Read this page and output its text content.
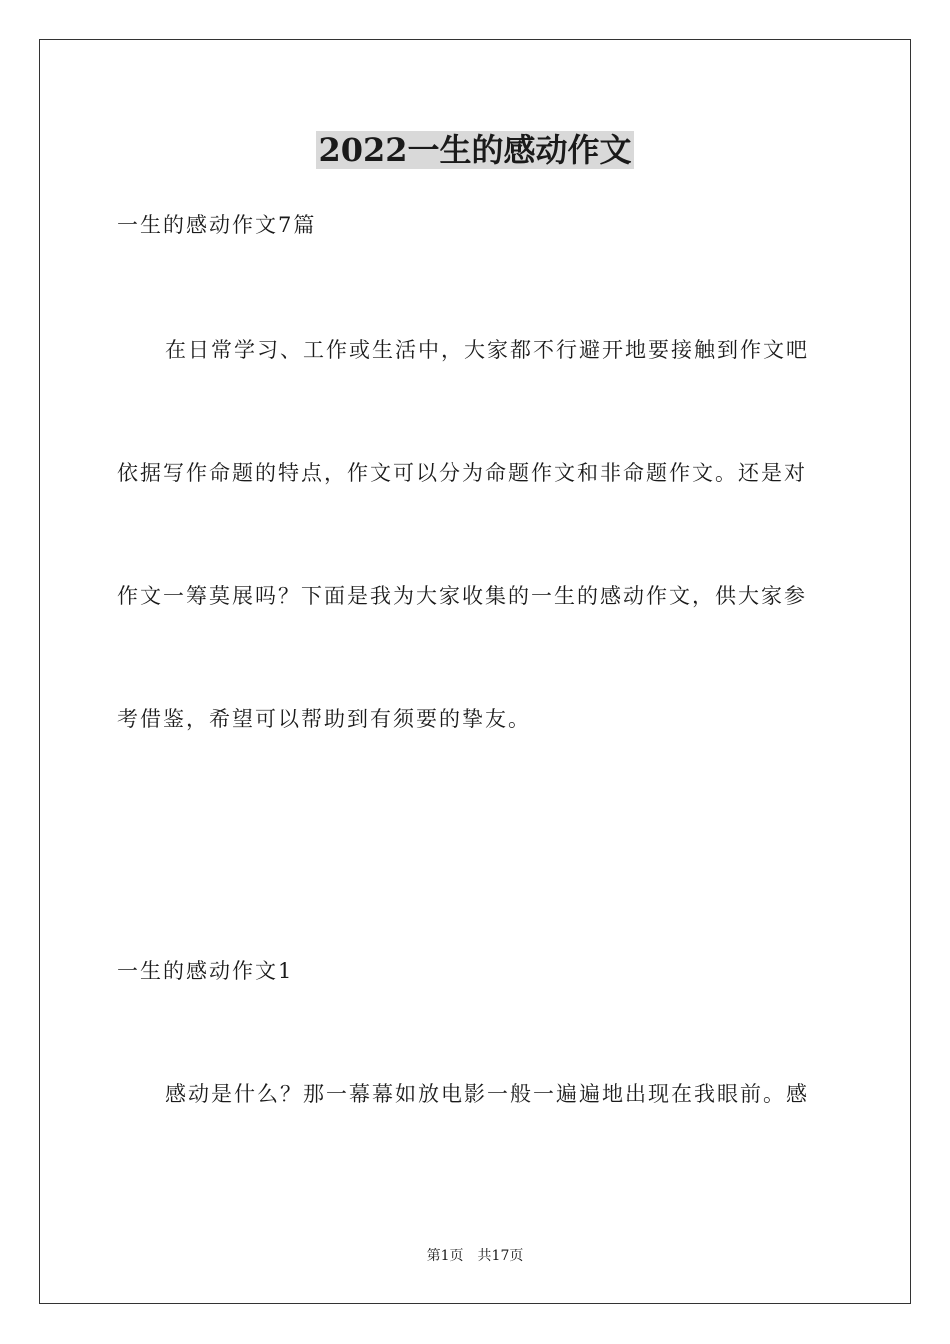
2022一生的感动作文
一生的感动作文7篇
在日常学习、工作或生活中，大家都不行避开地要接触到作文吧
依据写作命题的特点，作文可以分为命题作文和非命题作文。还是对
作文一筹莫展吗？下面是我为大家收集的一生的感动作文，供大家参
考借鉴，希望可以帮助到有须要的挚友。
一生的感动作文1
感动是什么？那一幕幕如放电影一般一遍遍地出现在我眼前。感
第1页　共17页
